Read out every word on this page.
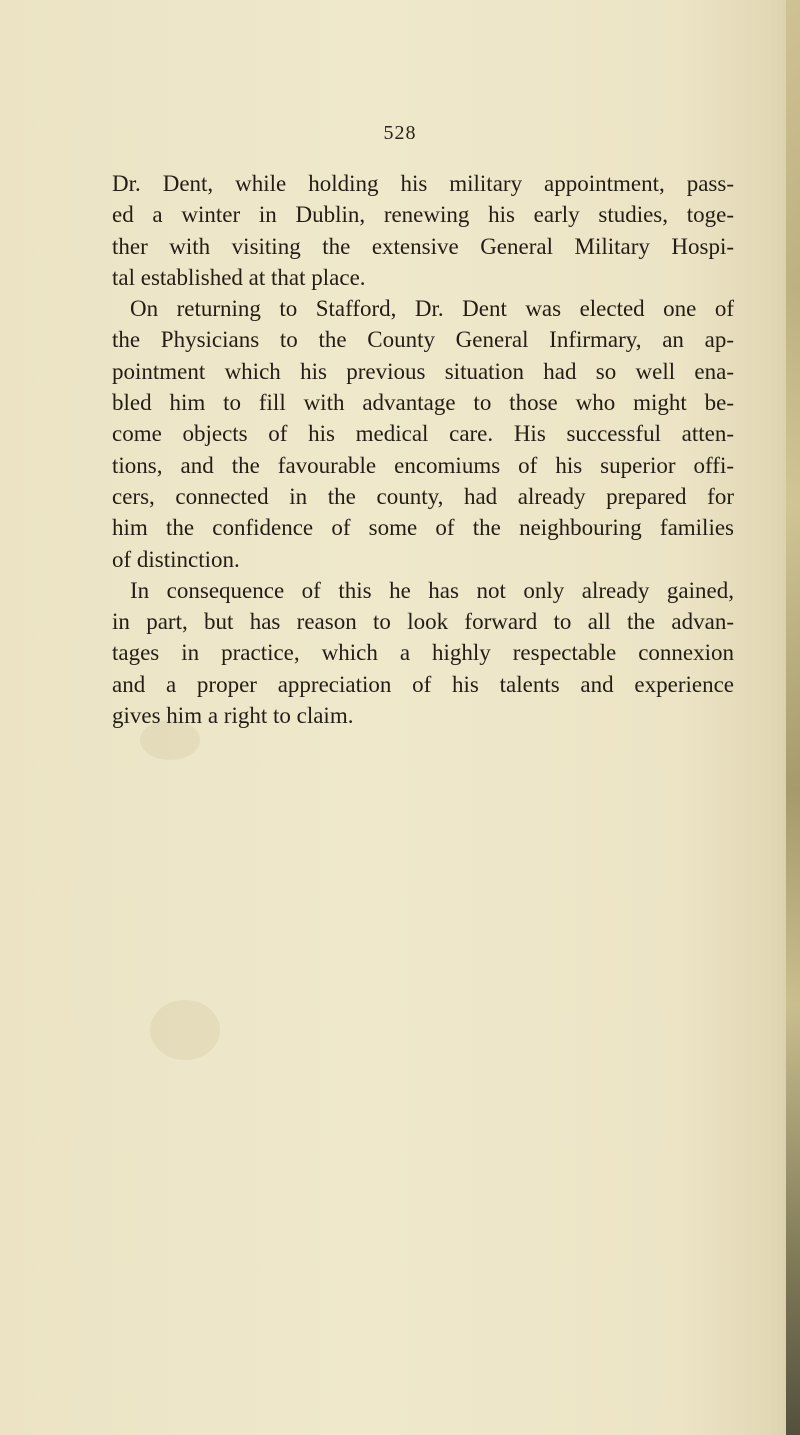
528
Dr. Dent, while holding his military appointment, pass-
ed a winter in Dublin, renewing his early studies, toge-
ther with visiting the extensive General Military Hospi-
tal established at that place.
On returning to Stafford, Dr. Dent was elected one of
the Physicians to the County General Infirmary, an ap-
pointment which his previous situation had so well ena-
bled him to fill with advantage to those who might be-
come objects of his medical care. His successful atten-
tions, and the favourable encomiums of his superior offi-
cers, connected in the county, had already prepared for
him the confidence of some of the neighbouring families
of distinction.
In consequence of this he has not only already gained,
in part, but has reason to look forward to all the advan-
tages in practice, which a highly respectable connexion
and a proper appreciation of his talents and experience
gives him a right to claim.
